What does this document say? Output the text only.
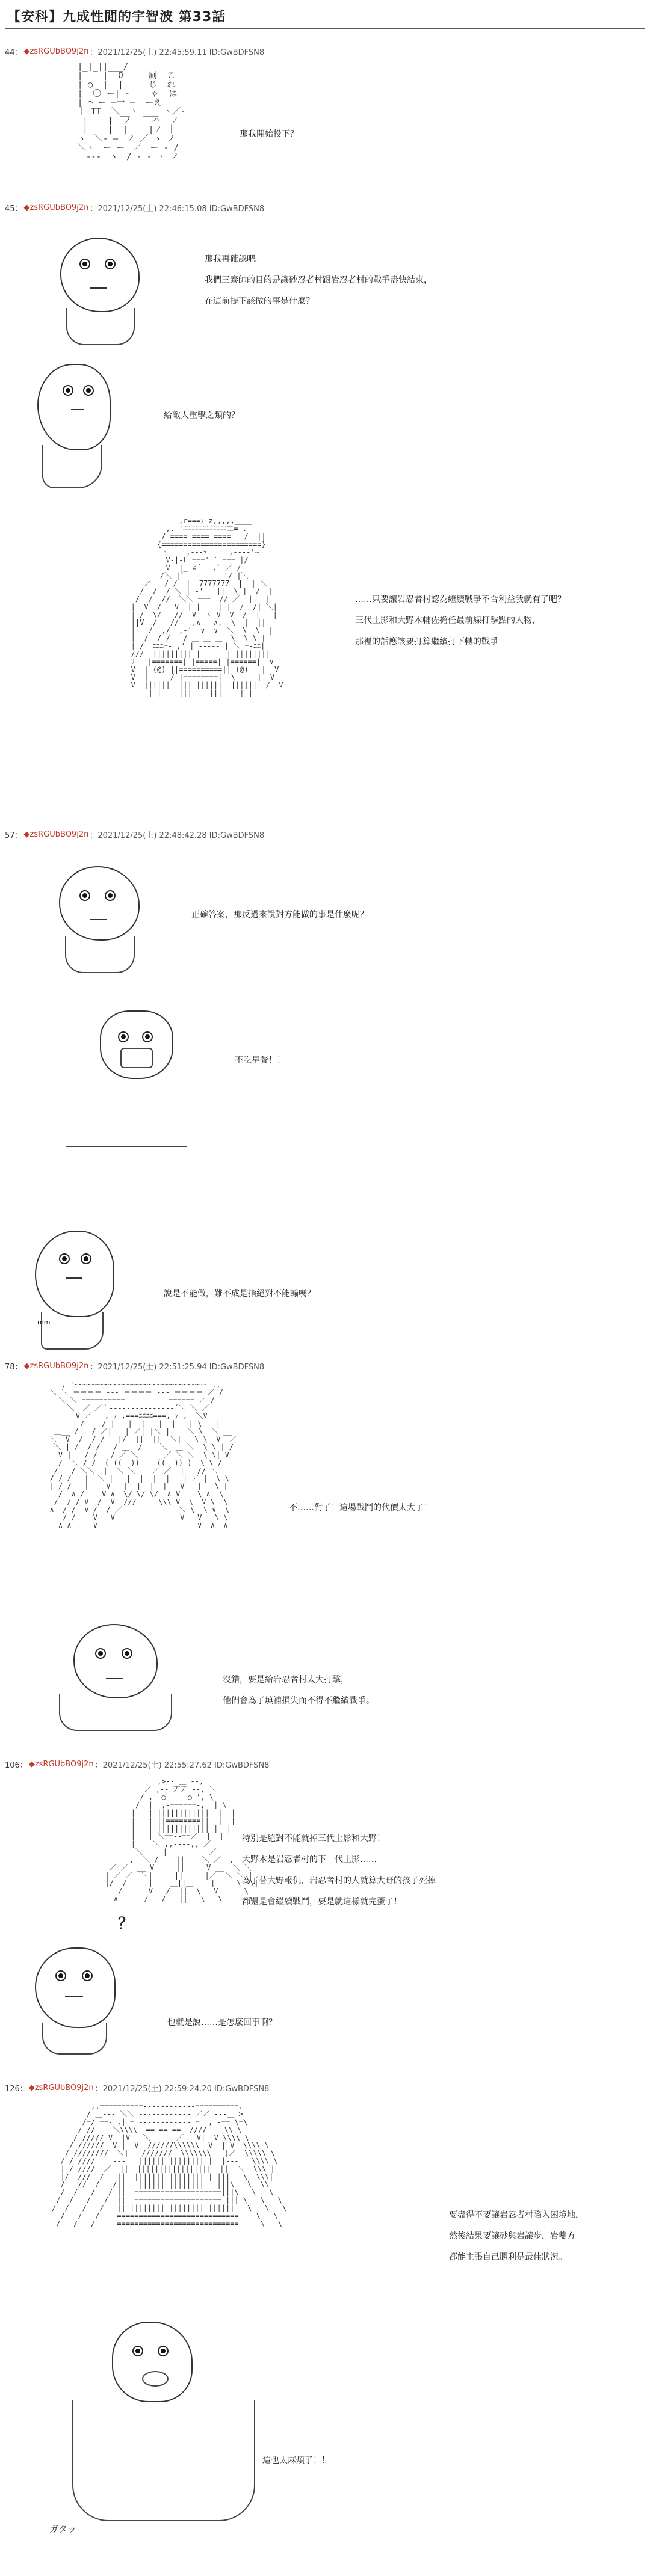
【安科】九成性閒的宇智波 第33話
44： ◆zsRGUbBO9j2n ：2021/12/25(土) 22:45:59.11 ID:GwBDFSN8
|_|_||___/
|    |  O     厠  こ
| ○  |  |     じ  れ
|  〇 ー| ‐    ゃ  は
| ⌒ ー ―一 ―  ーえ
｜ TT  ＼__ヽ ___ ヽ／‐
|    |  ノ    ハ  ノ
|    |  |    |ノ ｜
ヽ　＼‐ ―　ノ ／ ヽ ノ
＼ヽ　ー ー　／　ー ‐ /
　-‐-　ヽ　/ ‐ ‐ ヽ ノ
那我開始投下？
45： ◆zsRGUbBO9j2n ：2021/12/25(土) 22:46:15.08 ID:GwBDFSN8
那我再確認吧。
我們三泰帥的目的是讓砂忍者村跟岩忍者村的戰爭盡快結束，
在這前提下該做的事是什麼？
給敵人重擊之類的？
,r===ｧ-z,,,,,____
,.-'ﾆﾆﾆﾆﾆﾆﾆﾆﾆﾆﾆﾆ二=-.
/ ==== ==== ====   /  ||
{=======================}
ヽ_ _ ,---ｧ_____,----'~
V-|-L ===' ` === |/
V  |_ ∠｀  ,` ／ /
＿/＼ |` ‐-‐---‐ '/ |＼
／   / /  |  7777777  |  | ＼
/  /  / ＼ | ‐'   ||  \ |  /  |
/  /  //  ＼＼ ===  // ／  |   |
|  V  /   V  | |    | |  /  /| ＼|
| /  \/   //  V  ヽ V  V  /  |   |
||V  /   //   ,∧   ∧,  \  |  ||
|   /  ,/  ,-'  ∨  ∨  ＼  \  \  |
|  /  / /   / ＿ ＿ ＿  \  \ \ |
| /  ﾆﾆﾆ=- ,' | ‐-‐-‐ | ＼ =-ﾆﾆ|
///  ||||||||| |  ‐‐  | ||||||||
ﾘ   |=======| |=====| |======|  ∨
V  | (@) ||==========|| (@)   |  V
V  |_____/ |========|  \_____|  V
V  ||||||  ||||||||||  ||||||  /  V
| |    |||    |||    | |
……只要讓岩忍者村認為繼續戰爭不合利益我就有了吧？
三代土影和大野木輔佐擔任最前線打擊點的人物，
那裡的話應該要打算繼續打下轉的戰爭
57： ◆zsRGUbBO9j2n ：2021/12/25(土) 22:48:42.28 ID:GwBDFSN8
正確答案，那反過來說對方能做的事是什麼呢？
不吃早餐！！
mm
說是不能做，難不成是指絕對不能輸嗎？
78： ◆zsRGUbBO9j2n ：2021/12/25(土) 22:51:25.94 ID:GwBDFSN8
＿,-'~~~~~~~~~~~~~~~~~~~~~~~~~~~~~ー-.,＿
＼ ＼ ＝＝＝＝ ‐‐‐ ＝＝＝＝ ‐‐‐ ＝＝＝＝ ／ /
＼ ＼_==========__________======_／ /
＼  ／ ／｀‐-‐---‐-‐-‐---‐´＼ ＼ ／
V ／   ,-ｧ ,===ﾆﾆﾆﾆ===, ｧ-,  ＼V
/    / |   |  |  ||  |   | \   |
＿__ /   / ／|   | ／| |＼ |   |＼ \  ＼ __
＼  V  /  / /   |/  ||  ||  ＼|   \ \  V  ／
＼ | /  / /   / ＿ _/    ＼_ ＿ ＼  \ \ | /
V |   / /   / ／ ＼      ／ ＼ ＼  \ \| V
/  ＼ / /  ( ((  ))    ((  )) )  \ \ /
/   / ＼＼  |  ＼ ＼    ／ ／  |   // ＼
/ / /   |  ＼ |   |  |  |  |   | ／ |  \ \
| / /   |    V   |  |  |  |   V   |   \ |
/  ∧ /    V ∧  \/ \/ \/  ∧ V    \ ∧  \
/  / / V  /  V  ///     \\\ V  \  V \  \
∧  / /  ∨ /  / ／             ＼ \  \ ∨  \
/ /    V   V               V   V   \ \
∧ ∧     ∨                       ∨  ∧  ∧
不……對了！這場戰鬥的代價太大了！
沒錯，要是給岩忍者村太大打擊，
他們會為了填補損失而不得不繼續戰爭。
106： ◆zsRGUbBO9j2n ：2021/12/25(土) 22:55:27.62 ID:GwBDFSN8
,>-‐ ＿ ‐-,
／ ,‐‐ 丆丆 ‐‐, ＼
/ ,' ○     ○ ', \
/  |  ,‐======‐,  | \
|   | ||||||||||||  |  |
|   | ||========||  |  |
|   | |||||||||||| |  |
|   | ＼==‐‐==／  |  |
|    ＼ ,,‐‐‐‐,, ／   |
＼   ＿|‐‐‐‐|＿   ／
＿ ,‐ ＼ /    ||    ＼ ／ ‐, ＿
／ ／  __ V     ||     V __  ＼ ＼
| ／ ／  ＼|     ||     |／  ＼ ＼ |
|/  /     |    ＿||＿    |     \  \|
/      V   /  ||  \   V      \
∧      /   /   ||   \   \      ∧
特別是絕對不能就掉三代土影和大野！
大野木是岩忍者村的下一代土影……
為了替大野報仇，岩忍者村的人就算大野的孩子死掉
都還是會繼續戰鬥，要是就這樣就完蛋了！
？
也就是說……是怎麼回事啊？
126： ◆zsRGUbBO9j2n ：2021/12/25(土) 22:59:24.20 ID:GwBDFSN8
,.==========‐‐‐‐‐‐‐‐‐‐‐‐==========.
/ ＿‐‐‐ ＼＼ ‐‐‐‐‐‐‐‐‐‐‐‐ ／／ ‐‐‐＿ >
/=/ ==‐ ,| = ‐‐‐‐‐‐‐‐‐‐‐‐ = |, ‐== \=\
/ //-‐  ＼\\\\  ==‐==‐==  ////  ‐-\\ \
/ ///// V  |V   ＼ ‐  ‐ ／   V|  V \\\\ \
/ //////  V |  V  //////\\\\\\  V  | V  \\\\ \
/ ////////  ＼|   ///////  \\\\\\\   |／  \\\\\ \
/ / ////    ‐‐‐|  |||||||||||||||||  |‐‐‐   \\\\ \
| / ////  ／  ||  |||||||||||||||||  ||  ＼  \\\ |
|/  ///  /   ||| |||||||||||||||||| |||   \  \\\|
/   //  /   /|||  ||||||||||||||||  |||\   \  \\
/  /   /   / ||| ====================|||\   \   \
/  /   /   /  ||| ==================== ||| \   \   \
/  /   /   /   |||||||||||||||||||||||||||   \   \   \
/   /   /    ============================    \   \
/   /   /     ============================     \   \
要盡得不要讓岩忍者村陷入困境地，
然後結果要讓砂與岩讓步，岩雙方
都能主張自己勝利是最佳狀況。
ガタッ
這也太麻煩了！！
